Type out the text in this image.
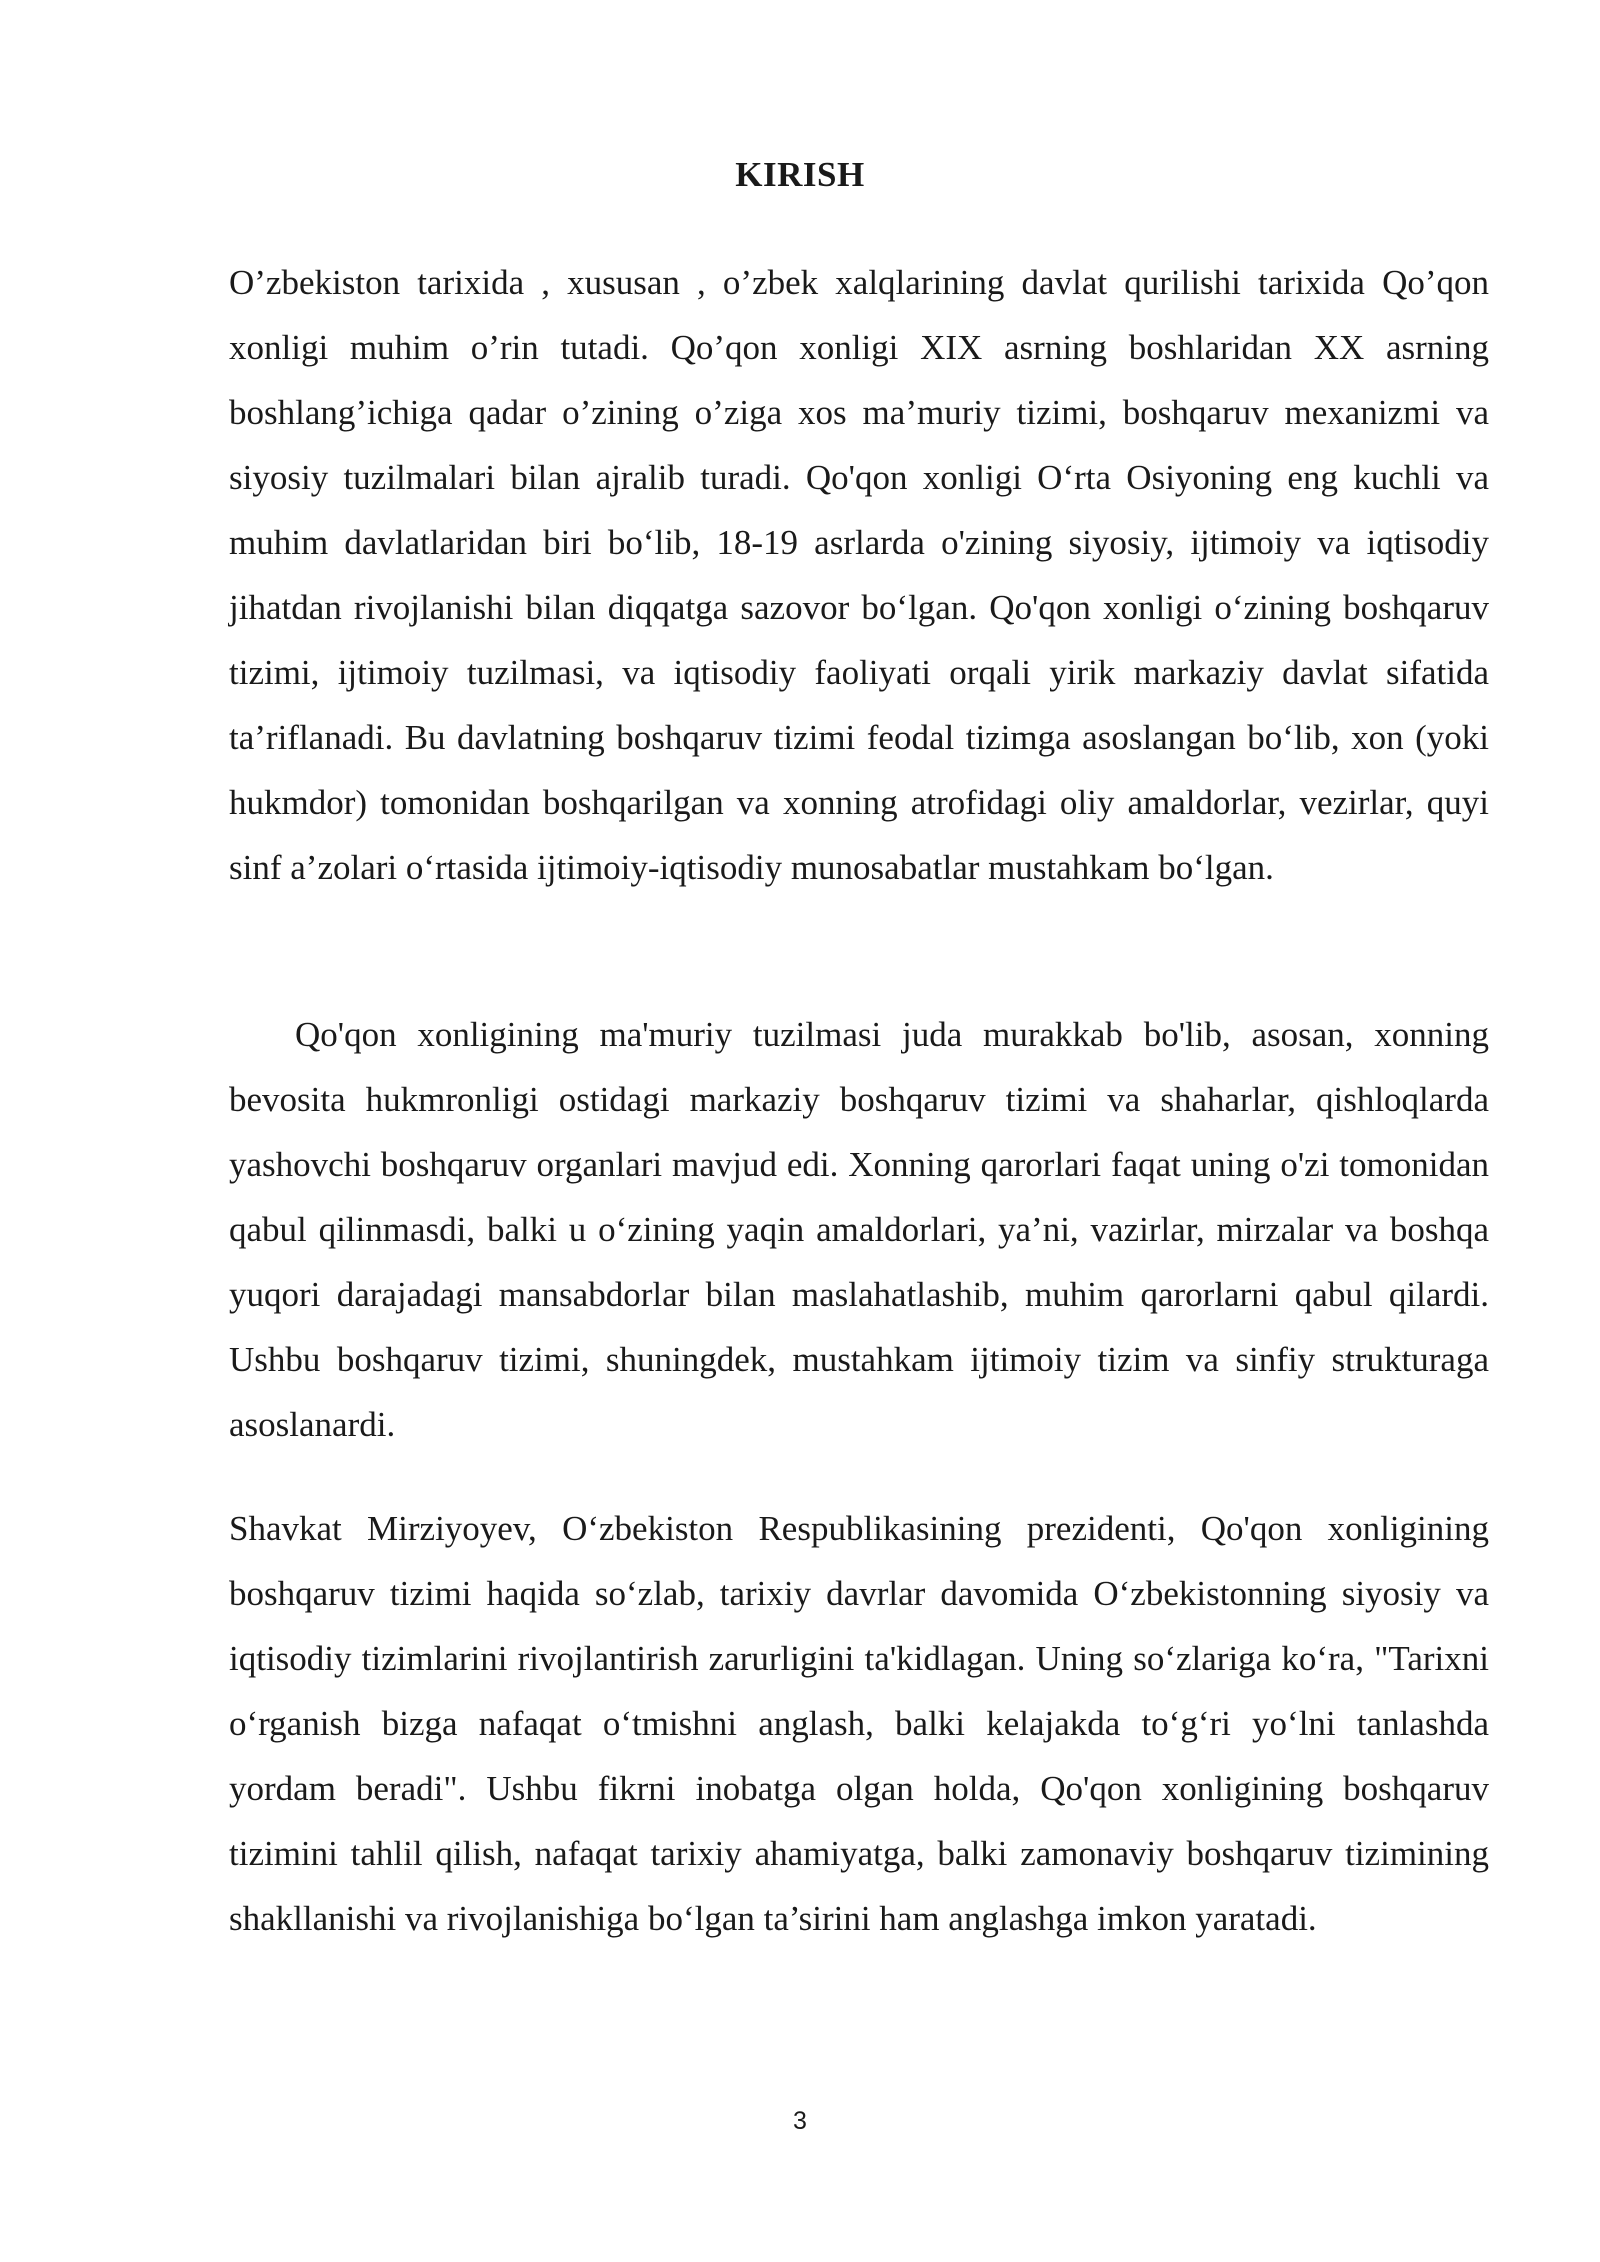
KIRISH

O’zbekiston tarixida , xususan , o’zbek xalqlarining davlat qurilishi tarixida Qo’qon xonligi muhim o’rin tutadi. Qo’qon xonligi XIX asrning boshlaridan XX asrning boshlang’ichiga qadar o’zining o’ziga xos ma’muriy tizimi, boshqaruv mexanizmi va siyosiy tuzilmalari bilan ajralib turadi. Qo'qon xonligi O‘rta Osiyoning eng kuchli va muhim davlatlaridan biri bo‘lib, 18-19 asrlarda o'zining siyosiy, ijtimoiy va iqtisodiy jihatdan rivojlanishi bilan diqqatga sazovor bo‘lgan. Qo'qon xonligi o‘zining boshqaruv tizimi, ijtimoiy tuzilmasi, va iqtisodiy faoliyati orqali yirik markaziy davlat sifatida ta’riflanadi. Bu davlatning boshqaruv tizimi feodal tizimga asoslangan bo‘lib, xon (yoki hukmdor) tomonidan boshqarilgan va xonning atrofidagi oliy amaldorlar, vezirlar, quyi sinf a’zolari o‘rtasida ijtimoiy-iqtisodiy munosabatlar mustahkam bo‘lgan.

Qo'qon xonligining ma'muriy tuzilmasi juda murakkab bo'lib, asosan, xonning bevosita hukmronligi ostidagi markaziy boshqaruv tizimi va shaharlar, qishloqlarda yashovchi boshqaruv organlari mavjud edi. Xonning qarorlari faqat uning o'zi tomonidan qabul qilinmasdi, balki u o‘zining yaqin amaldorlari, ya’ni, vazirlar, mirzalar va boshqa yuqori darajadagi mansabdorlar bilan maslahatlashib, muhim qarorlarni qabul qilardi. Ushbu boshqaruv tizimi, shuningdek, mustahkam ijtimoiy tizim va sinfiy strukturaga asoslanardi.

Shavkat Mirziyoyev, O‘zbekiston Respublikasining prezidenti, Qo'qon xonligining boshqaruv tizimi haqida so‘zlab, tarixiy davrlar davomida O‘zbekistonning siyosiy va iqtisodiy tizimlarini rivojlantirish zarurligini ta'kidlagan. Uning so‘zlariga ko‘ra, "Tarixni o‘rganish bizga nafaqat o‘tmishni anglash, balki kelajakda to‘g‘ri yo‘lni tanlashda yordam beradi". Ushbu fikrni inobatga olgan holda, Qo'qon xonligining boshqaruv tizimini tahlil qilish, nafaqat tarixiy ahamiyatga, balki zamonaviy boshqaruv tizimining shakllanishi va rivojlanishiga bo‘lgan ta’sirini ham anglashga imkon yaratadi.

3
